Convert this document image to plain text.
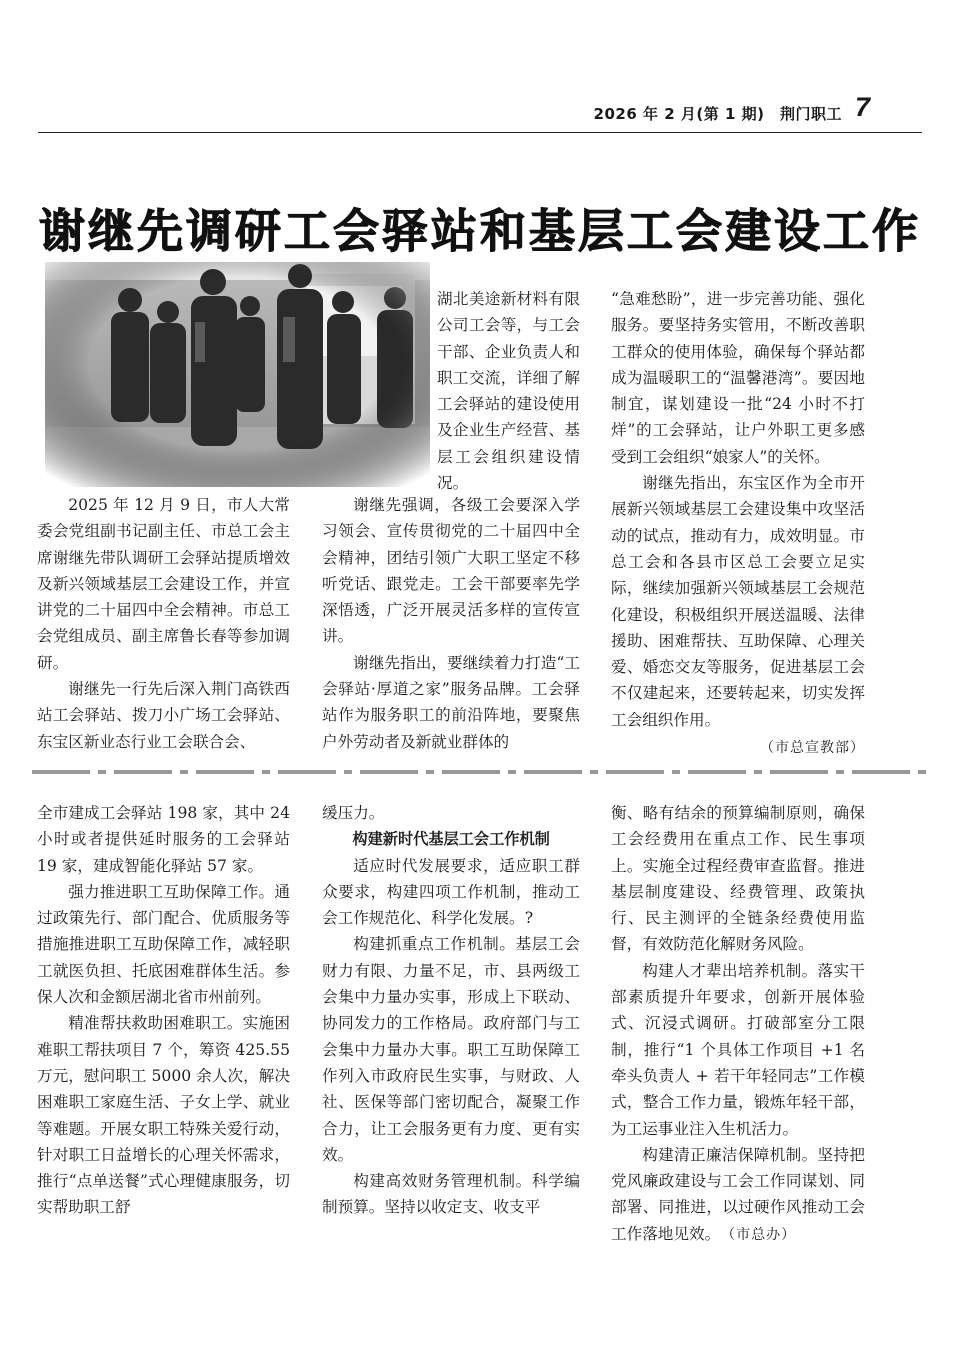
2026 年 2 月(第 1 期)　荆门职工 7
谢继先调研工会驿站和基层工会建设工作

2025 年 12 月 9 日，市人大常委会党组副书记副主任、市总工会主席谢继先带队调研工会驿站提质增效及新兴领域基层工会建设工作，并宣讲党的二十届四中全会精神。市总工会党组成员、副主席鲁长春等参加调研。

谢继先一行先后深入荆门高铁西站工会驿站、拨刀小广场工会驿站、东宝区新业态行业工会联合会、

湖北美途新材料有限公司工会等，与工会干部、企业负责人和职工交流，详细了解工会驿站的建设使用及企业生产经营、基层工会组织建设情况。

谢继先强调，各级工会要深入学习领会、宣传贯彻党的二十届四中全会精神，团结引领广大职工坚定不移听党话、跟党走。工会干部要率先学深悟透，广泛开展灵活多样的宣传宣讲。

谢继先指出，要继续着力打造“工会驿站·厚道之家”服务品牌。工会驿站作为服务职工的前沿阵地，要聚焦户外劳动者及新就业群体的

“急难愁盼”，进一步完善功能、强化服务。要坚持务实管用，不断改善职工群众的使用体验，确保每个驿站都成为温暖职工的“温馨港湾”。要因地制宜，谋划建设一批“24 小时不打烊”的工会驿站，让户外职工更多感受到工会组织“娘家人”的关怀。

谢继先指出，东宝区作为全市开展新兴领域基层工会建设集中攻坚活动的试点，推动有力，成效明显。市总工会和各县市区总工会要立足实际，继续加强新兴领域基层工会规范化建设，积极组织开展送温暖、法律援助、困难帮扶、互助保障、心理关爱、婚恋交友等服务，促进基层工会不仅建起来，还要转起来，切实发挥工会组织作用。

（市总宣教部）

全市建成工会驿站 198 家，其中 24 小时或者提供延时服务的工会驿站 19 家，建成智能化驿站 57 家。

强力推进职工互助保障工作。通过政策先行、部门配合、优质服务等措施推进职工互助保障工作，减轻职工就医负担、托底困难群体生活。参保人次和金额居湖北省市州前列。

精准帮扶救助困难职工。实施困难职工帮扶项目 7 个，筹资 425.55 万元，慰问职工 5000 余人次，解决困难职工家庭生活、子女上学、就业等难题。开展女职工特殊关爱行动，针对职工日益增长的心理关怀需求，推行“点单送餐”式心理健康服务，切实帮助职工舒

缓压力。

构建新时代基层工会工作机制

适应时代发展要求，适应职工群众要求，构建四项工作机制，推动工会工作规范化、科学化发展。?

构建抓重点工作机制。基层工会财力有限、力量不足，市、县两级工会集中力量办实事，形成上下联动、协同发力的工作格局。政府部门与工会集中力量办大事。职工互助保障工作列入市政府民生实事，与财政、人社、医保等部门密切配合，凝聚工作合力，让工会服务更有力度、更有实效。

构建高效财务管理机制。科学编制预算。坚持以收定支、收支平

衡、略有结余的预算编制原则，确保工会经费用在重点工作、民生事项上。实施全过程经费审查监督。推进基层制度建设、经费管理、政策执行、民主测评的全链条经费使用监督，有效防范化解财务风险。

构建人才辈出培养机制。落实干部素质提升年要求，创新开展体验式、沉浸式调研。打破部室分工限制，推行“1 个具体工作项目 +1 名牵头负责人 + 若干年轻同志”工作模式，整合工作力量，锻炼年轻干部，为工运事业注入生机活力。

构建清正廉洁保障机制。坚持把党风廉政建设与工会工作同谋划、同部署、同推进，以过硬作风推动工会工作落地见效。 （市总办）
